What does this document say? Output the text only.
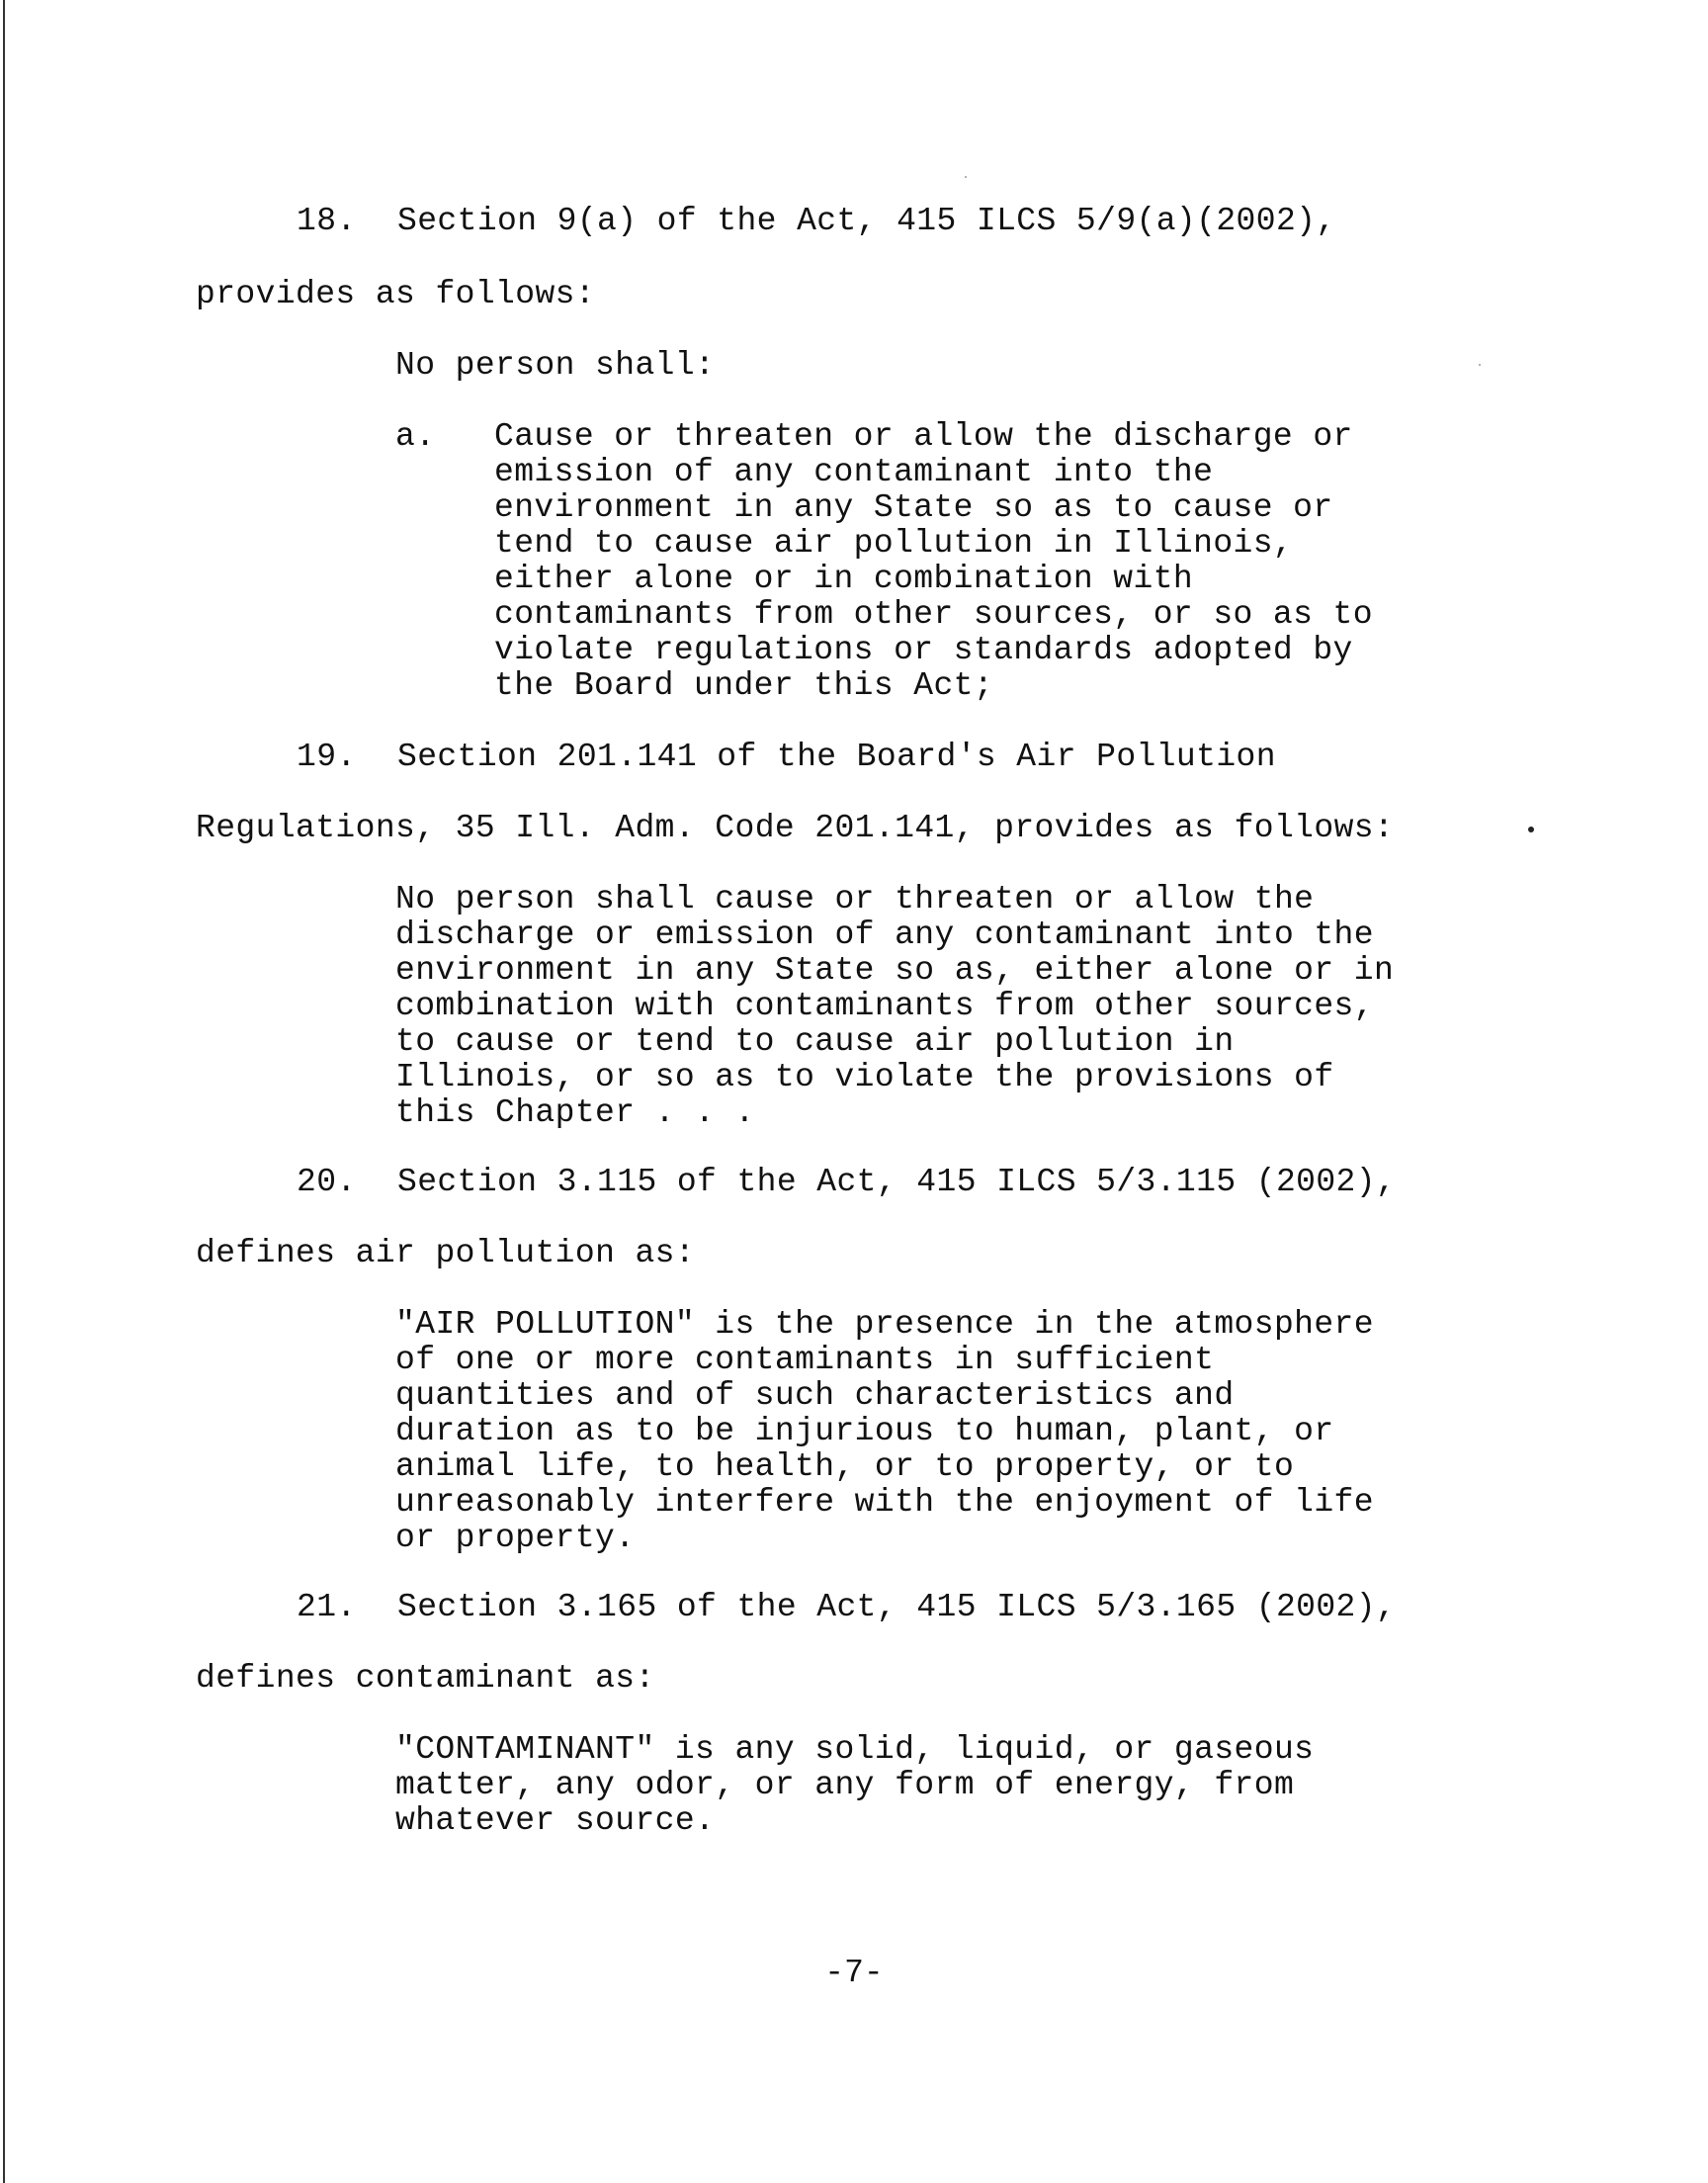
18. Section 9(a) of the Act, 415 ILCS 5/9(a)(2002),
provides as follows:
No person shall:
a. Cause or threaten or allow the discharge or
emission of any contaminant into the
environment in any State so as to cause or
tend to cause air pollution in Illinois,
either alone or in combination with
contaminants from other sources, or so as to
violate regulations or standards adopted by
the Board under this Act;
19. Section 201.141 of the Board's Air Pollution
Regulations, 35 Ill. Adm. Code 201.141, provides as follows:
No person shall cause or threaten or allow the
discharge or emission of any contaminant into the
environment in any State so as, either alone or in
combination with contaminants from other sources,
to cause or tend to cause air pollution in
Illinois, or so as to violate the provisions of
this Chapter . . .
20. Section 3.115 of the Act, 415 ILCS 5/3.115 (2002),
defines air pollution as:
"AIR POLLUTION" is the presence in the atmosphere
of one or more contaminants in sufficient
quantities and of such characteristics and
duration as to be injurious to human, plant, or
animal life, to health, or to property, or to
unreasonably interfere with the enjoyment of life
or property.
21. Section 3.165 of the Act, 415 ILCS 5/3.165 (2002),
defines contaminant as:
"CONTAMINANT" is any solid, liquid, or gaseous
matter, any odor, or any form of energy, from
whatever source.
-7-
